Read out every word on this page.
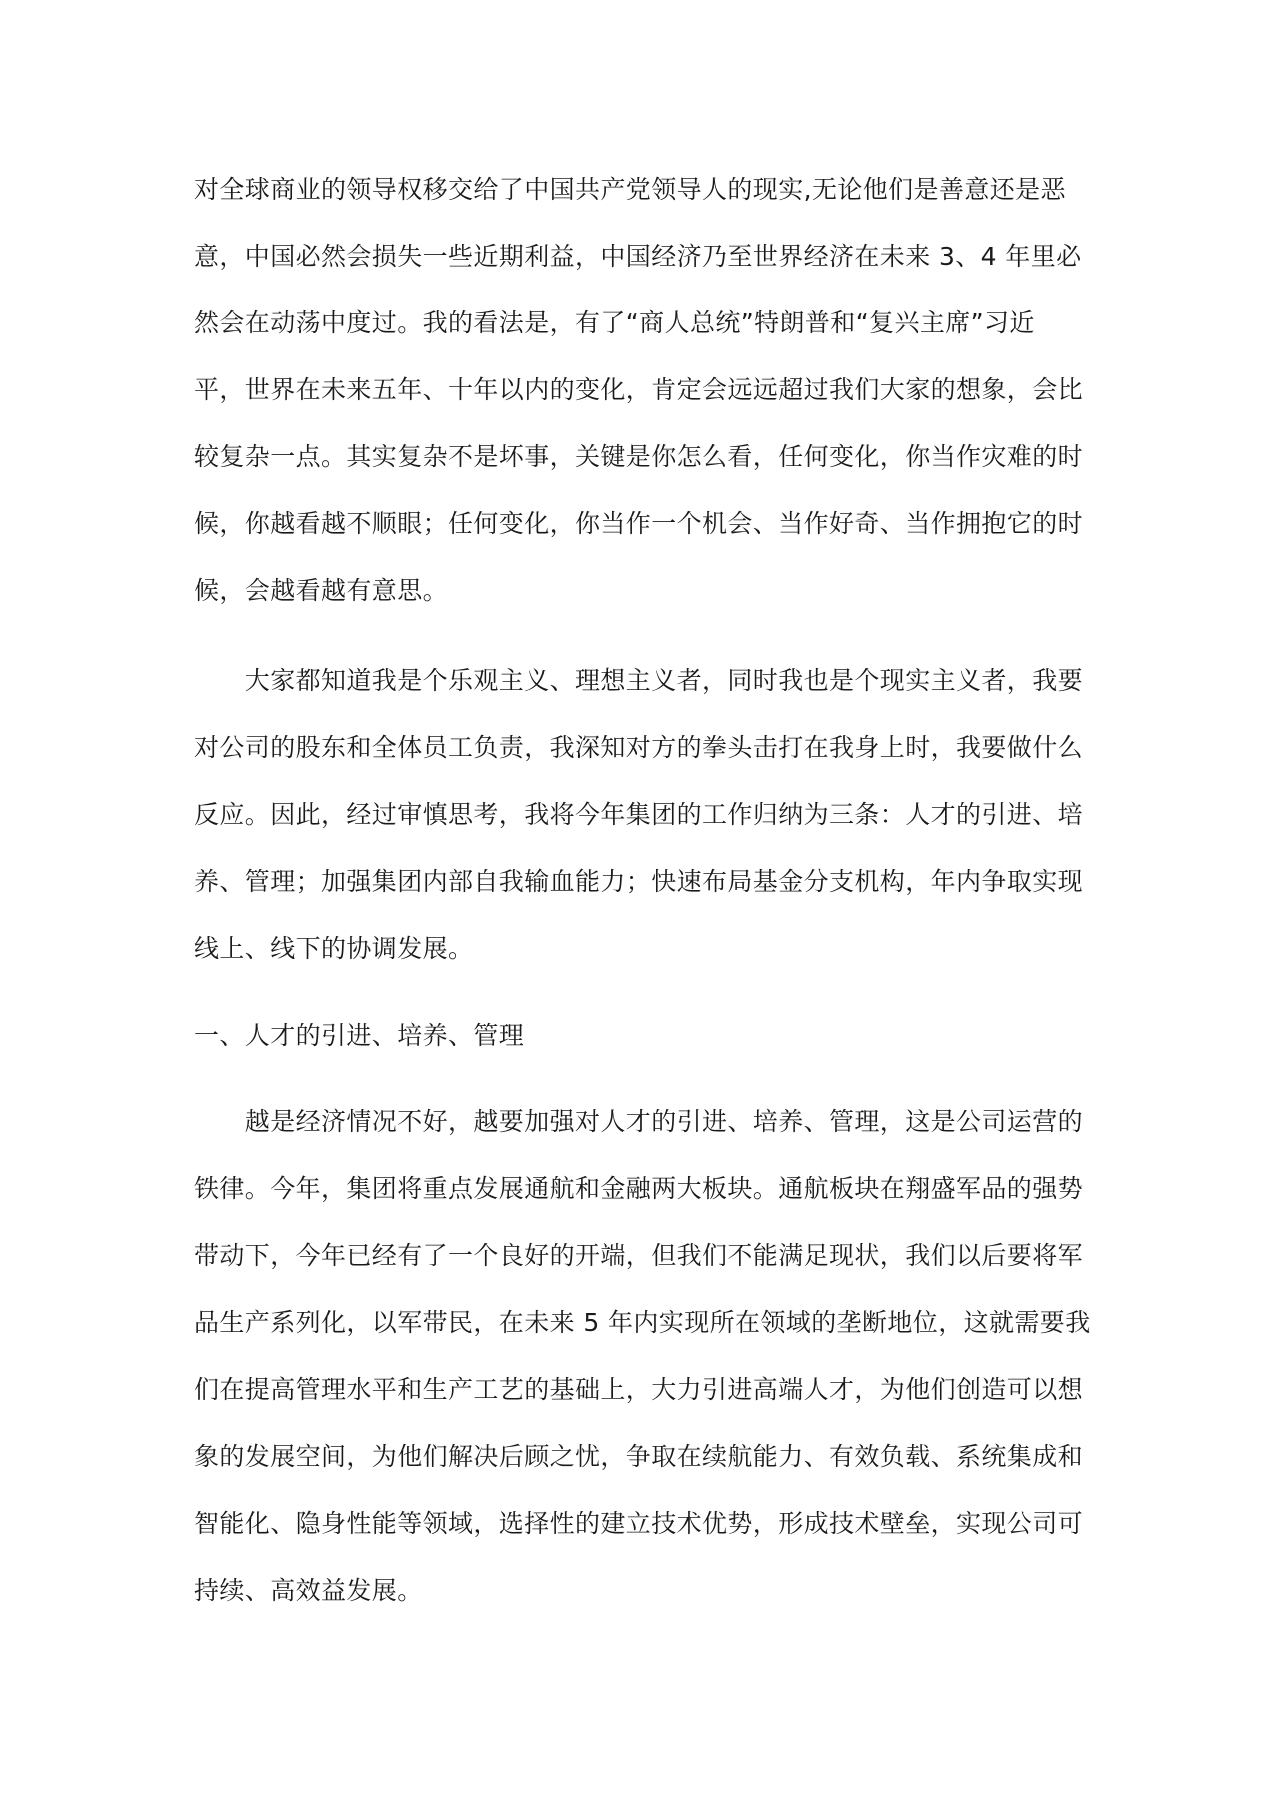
对全球商业的领导权移交给了中国共产党领导人的现实,无论他们是善意还是恶
意，中国必然会损失一些近期利益，中国经济乃至世界经济在未来 3、4 年里必
然会在动荡中度过。我的看法是，有了“商人总统”特朗普和“复兴主席”习近
平，世界在未来五年、十年以内的变化，肯定会远远超过我们大家的想象，会比
较复杂一点。其实复杂不是坏事，关键是你怎么看，任何变化，你当作灾难的时
候，你越看越不顺眼；任何变化，你当作一个机会、当作好奇、当作拥抱它的时
候，会越看越有意思。
　　大家都知道我是个乐观主义、理想主义者，同时我也是个现实主义者，我要
对公司的股东和全体员工负责，我深知对方的拳头击打在我身上时，我要做什么
反应。因此，经过审慎思考，我将今年集团的工作归纳为三条：人才的引进、培
养、管理；加强集团内部自我输血能力；快速布局基金分支机构，年内争取实现
线上、线下的协调发展。
一、人才的引进、培养、管理
　　越是经济情况不好，越要加强对人才的引进、培养、管理，这是公司运营的
铁律。今年，集团将重点发展通航和金融两大板块。通航板块在翔盛军品的强势
带动下，今年已经有了一个良好的开端，但我们不能满足现状，我们以后要将军
品生产系列化，以军带民，在未来 5 年内实现所在领域的垄断地位，这就需要我
们在提高管理水平和生产工艺的基础上，大力引进高端人才，为他们创造可以想
象的发展空间，为他们解决后顾之忧，争取在续航能力、有效负载、系统集成和
智能化、隐身性能等领域，选择性的建立技术优势，形成技术壁垒，实现公司可
持续、高效益发展。
